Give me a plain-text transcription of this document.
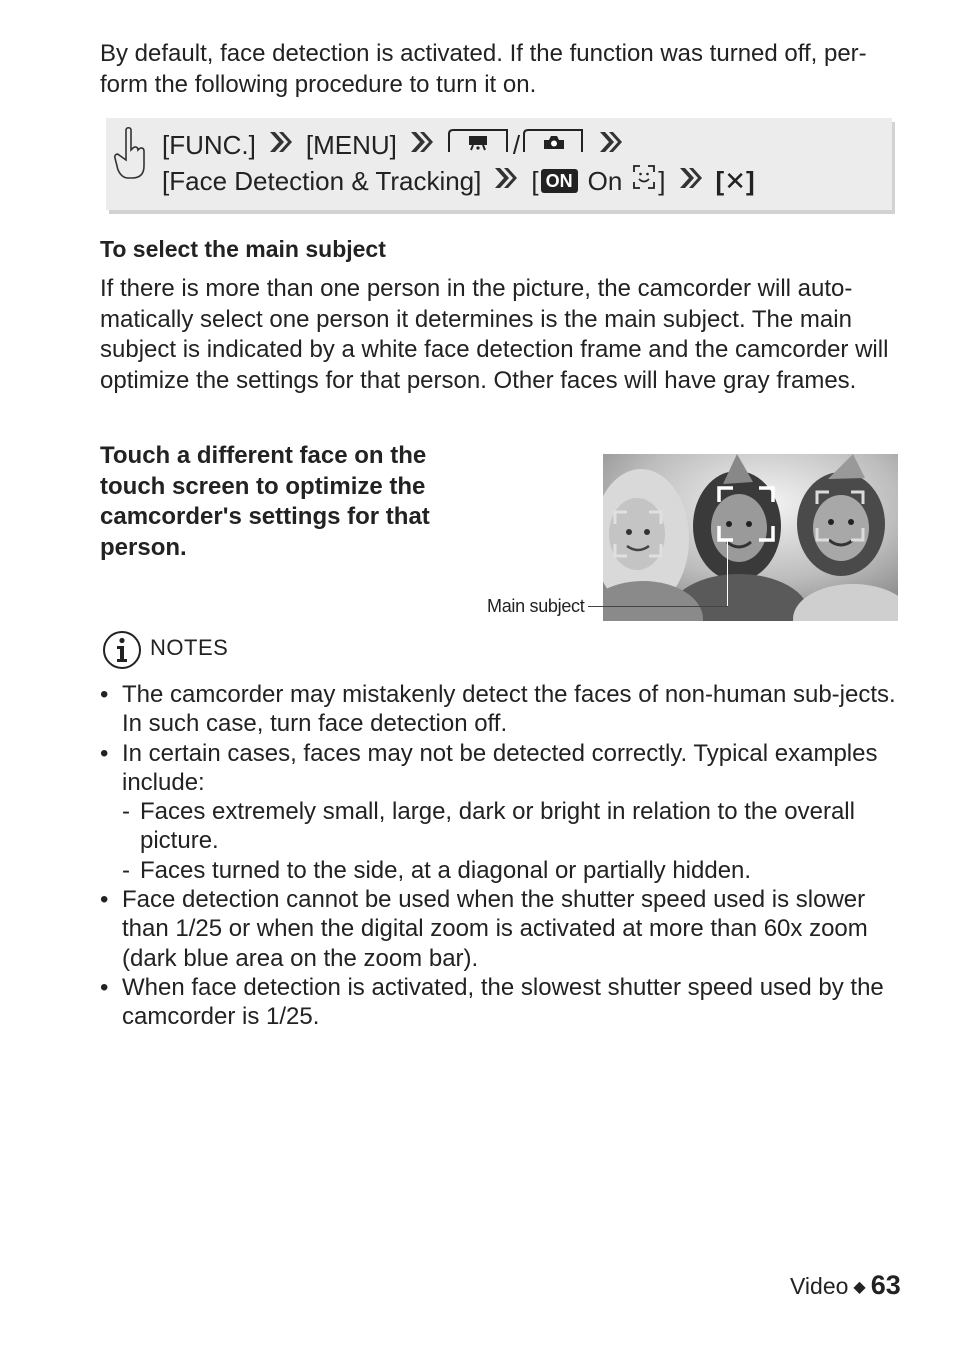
By default, face detection is activated. If the function was turned off, per-form the following procedure to turn it on.

[FUNC.] [MENU]	/
[Face Detection & Tracking] [ ON On ] [✕]

To select the main subject

If there is more than one person in the picture, the camcorder will auto-matically select one person it determines is the main subject. The main subject is indicated by a white face detection frame and the camcorder will optimize the settings for that person. Other faces will have gray frames.

Touch a different face on the touch screen to optimize the camcorder's settings for that person.

Main subject
NOTES
• The camcorder may mistakenly detect the faces of non-human sub-jects. In such case, turn face detection off.
• In certain cases, faces may not be detected correctly. Typical examples include:
- Faces extremely small, large, dark or bright in relation to the overall picture.
- Faces turned to the side, at a diagonal or partially hidden.
• Face detection cannot be used when the shutter speed used is slower than 1/25 or when the digital zoom is activated at more than 60x zoom (dark blue area on the zoom bar).
• When face detection is activated, the slowest shutter speed used by the camcorder is 1/25.
Video ◆ 63
